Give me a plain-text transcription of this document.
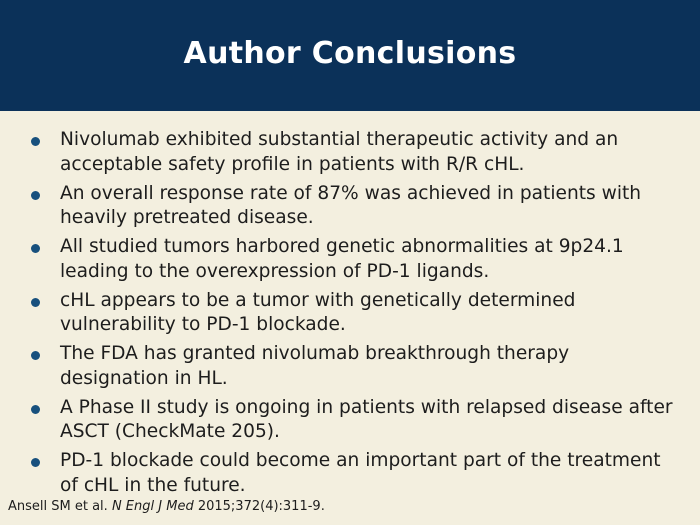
Author Conclusions
Nivolumab exhibited substantial therapeutic activity and an acceptable safety profile in patients with R/R cHL.
An overall response rate of 87% was achieved in patients with heavily pretreated disease.
All studied tumors harbored genetic abnormalities at 9p24.1 leading to the overexpression of PD-1 ligands.
cHL appears to be a tumor with genetically determined vulnerability to PD-1 blockade.
The FDA has granted nivolumab breakthrough therapy designation in HL.
A Phase II study is ongoing in patients with relapsed disease after ASCT (CheckMate 205).
PD-1 blockade could become an important part of the treatment of cHL in the future.
Ansell SM et al. N Engl J Med 2015;372(4):311-9.
